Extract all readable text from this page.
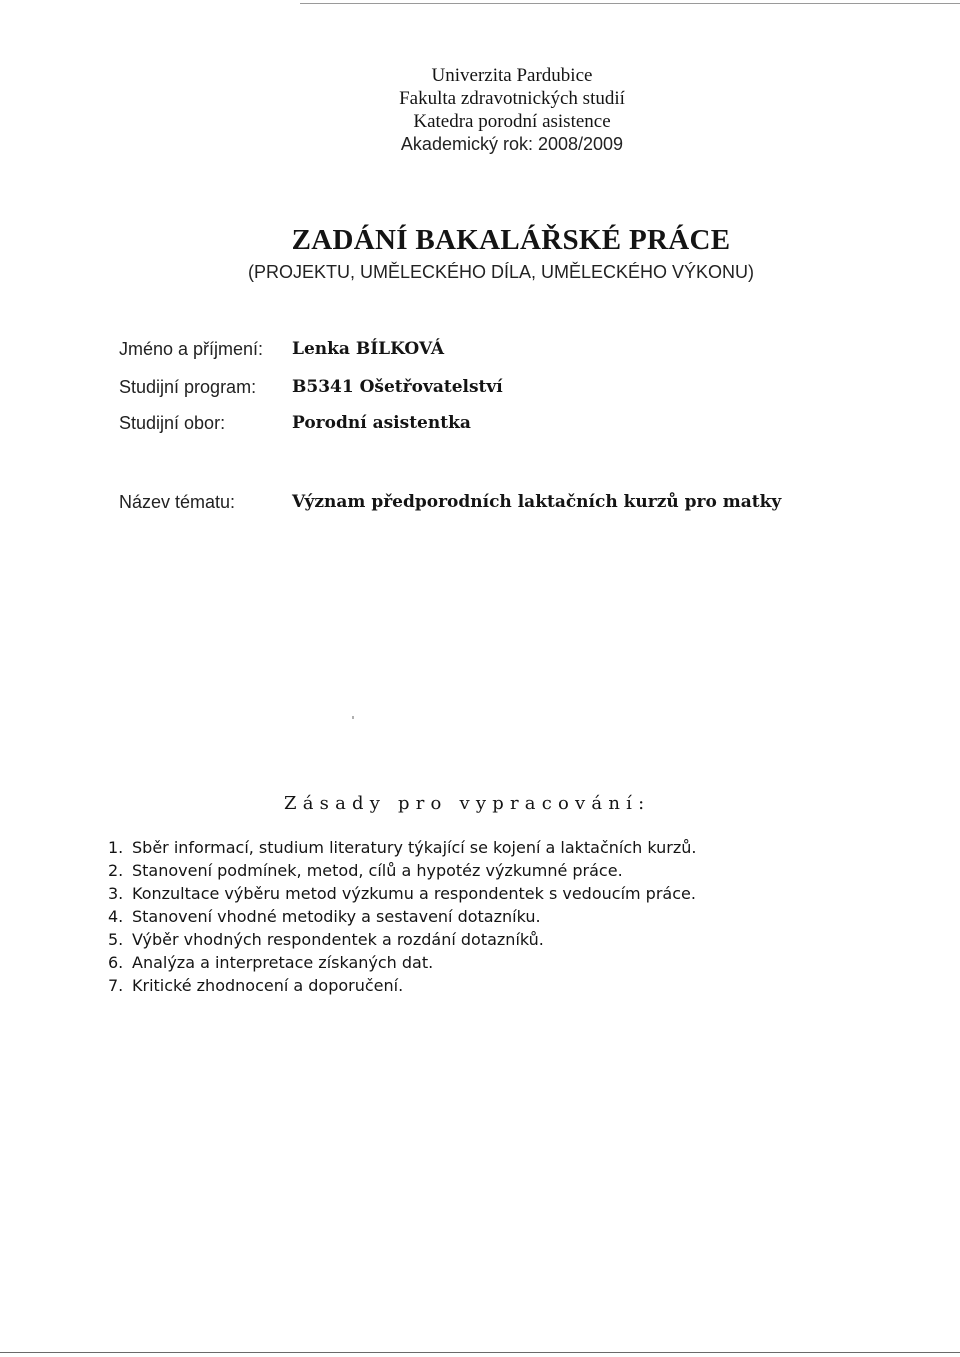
Univerzita Pardubice
Fakulta zdravotnických studií
Katedra porodní asistence
Akademický rok: 2008/2009
ZADÁNÍ BAKALÁŘSKÉ PRÁCE
(PROJEKTU, UMĚLECKÉHO DÍLA, UMĚLECKÉHO VÝKONU)
Jméno a příjmení: Lenka BÍLKOVÁ
Studijní program: B5341 Ošetřovatelství
Studijní obor:	Porodní asistentka
Název tématu:	Význam předporodních laktačních kurzů pro matky
Zásady pro vypracování:
1. Sběr informací, studium literatury týkající se kojení a laktačních kurzů.
2. Stanovení podmínek, metod, cílů a hypotéz výzkumné práce.
3. Konzultace výběru metod výzkumu a respondentek s vedoucím práce.
4. Stanovení vhodné metodiky a sestavení dotazníku.
5. Výběr vhodných respondentek a rozdání dotazníků.
6. Analýza a interpretace získaných dat.
7. Kritické zhodnocení a doporučení.
